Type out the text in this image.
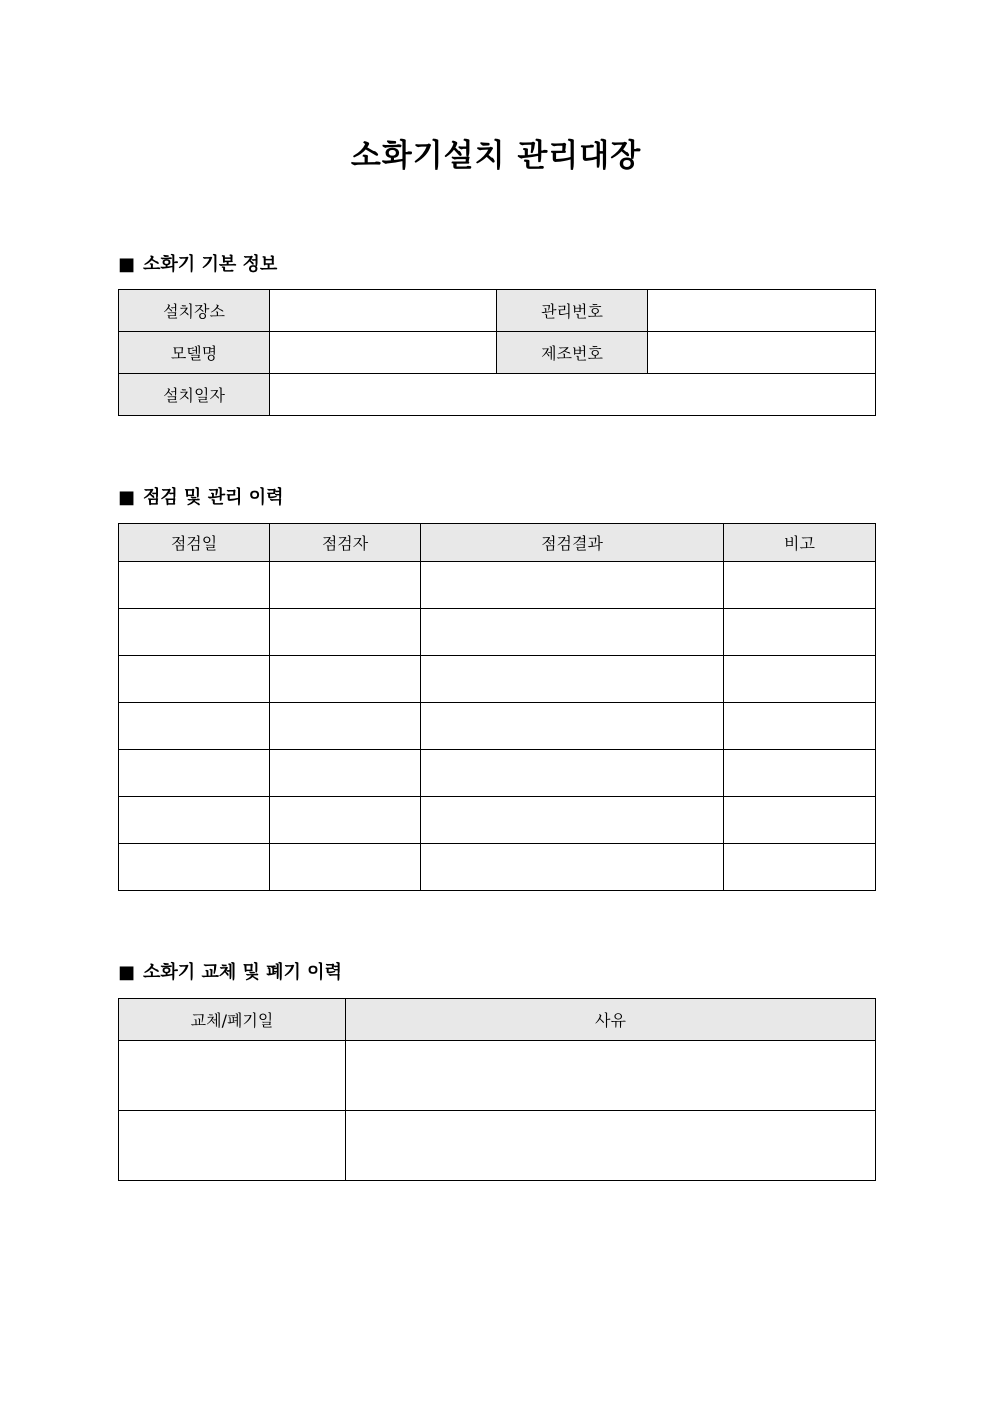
소화기설치 관리대장
■ 소화기 기본 정보
설치장소		관리번호	
모델명		제조번호	
설치일자			
■ 점검 및 관리 이력
점검일	점검자	점검결과	비고

■ 소화기 교체 및 폐기 이력
교체/폐기일	사유
